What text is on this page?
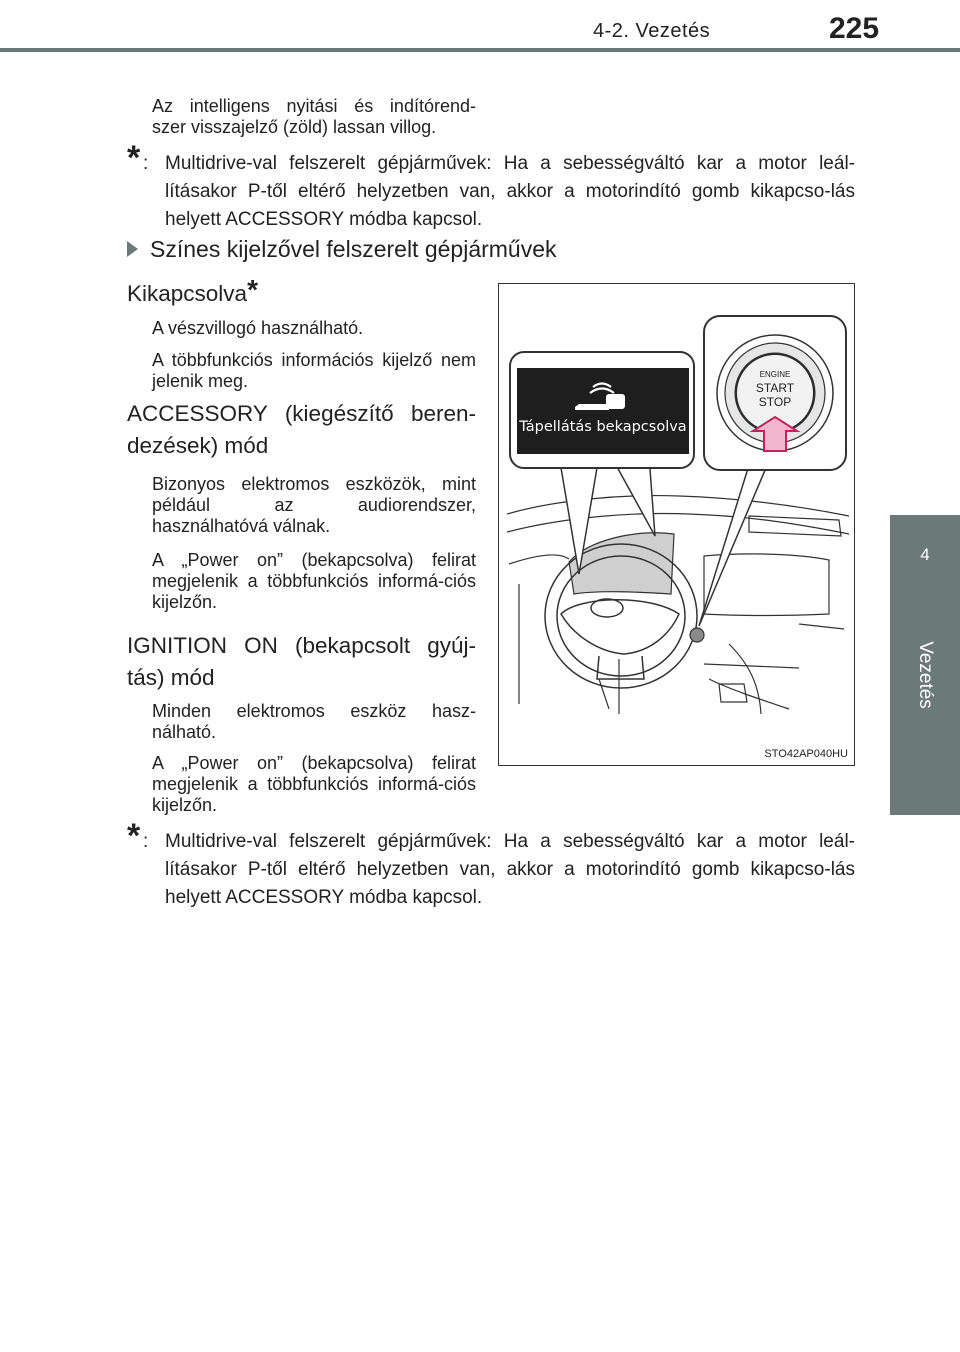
4-2. Vezetés	225
4
Vezetés
Az intelligens nyitási és indítórend-
szer visszajelző (zöld) lassan villog.
* : Multidrive-val felszerelt gépjárművek: Ha a sebességváltó kar a motor leál-lításakor P-től eltérő helyzetben van, akkor a motorindító gomb kikapcso-lás helyett ACCESSORY módba kapcsol.
Színes kijelzővel felszerelt gépjárművek
Kikapcsolva*
A vészvillogó használható.
A többfunkciós információs kijelző nem jelenik meg.
ACCESSORY (kiegészítő beren-dezések) mód
Bizonyos elektromos eszközök, mint például az audiorendszer, használhatóvá válnak.
A „Power on” (bekapcsolva) felirat megjelenik a többfunkciós informá-ciós kijelzőn.
IGNITION ON (bekapcsolt gyúj-tás) mód
Minden elektromos eszköz hasz-nálható.
A „Power on” (bekapcsolva) felirat megjelenik a többfunkciós informá-ciós kijelzőn.
* : Multidrive-val felszerelt gépjárművek: Ha a sebességváltó kar a motor leál-lításakor P-től eltérő helyzetben van, akkor a motorindító gomb kikapcso-lás helyett ACCESSORY módba kapcsol.
Tápellátás bekapcsolva
ENGINE
START
STOP
STO42AP040HU
